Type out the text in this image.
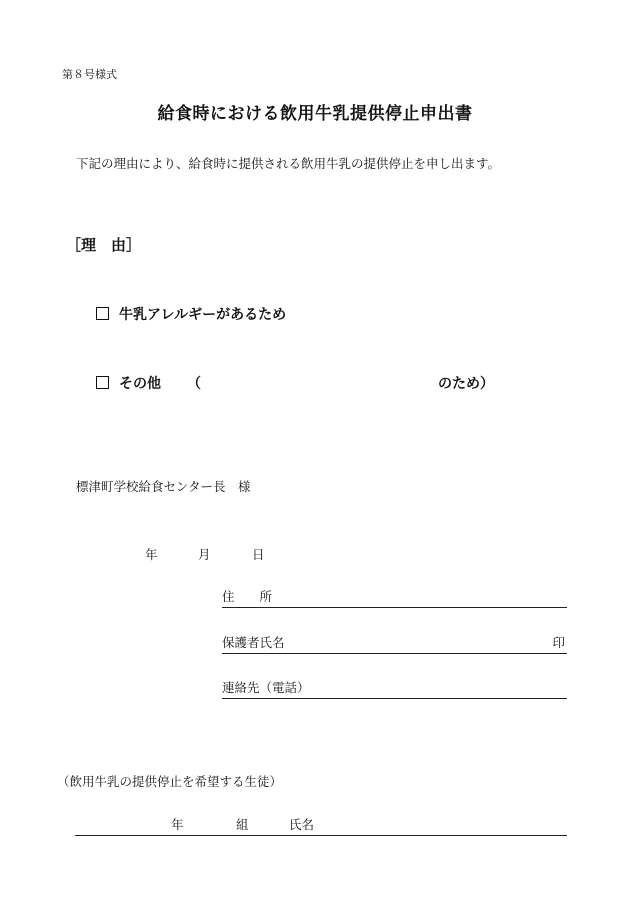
第８号様式
給食時における飲用牛乳提供停止申出書
下記の理由により、給食時に提供される飲用牛乳の提供停止を申し出ます。
［理　由］
牛乳アレルギーがあるため
その他 （	のため）
標津町学校給食センター長　様
年	月	日
住　　所
保護者氏名	印
連絡先（電話）
（飲用牛乳の提供停止を希望する生徒）
年	組	氏名
